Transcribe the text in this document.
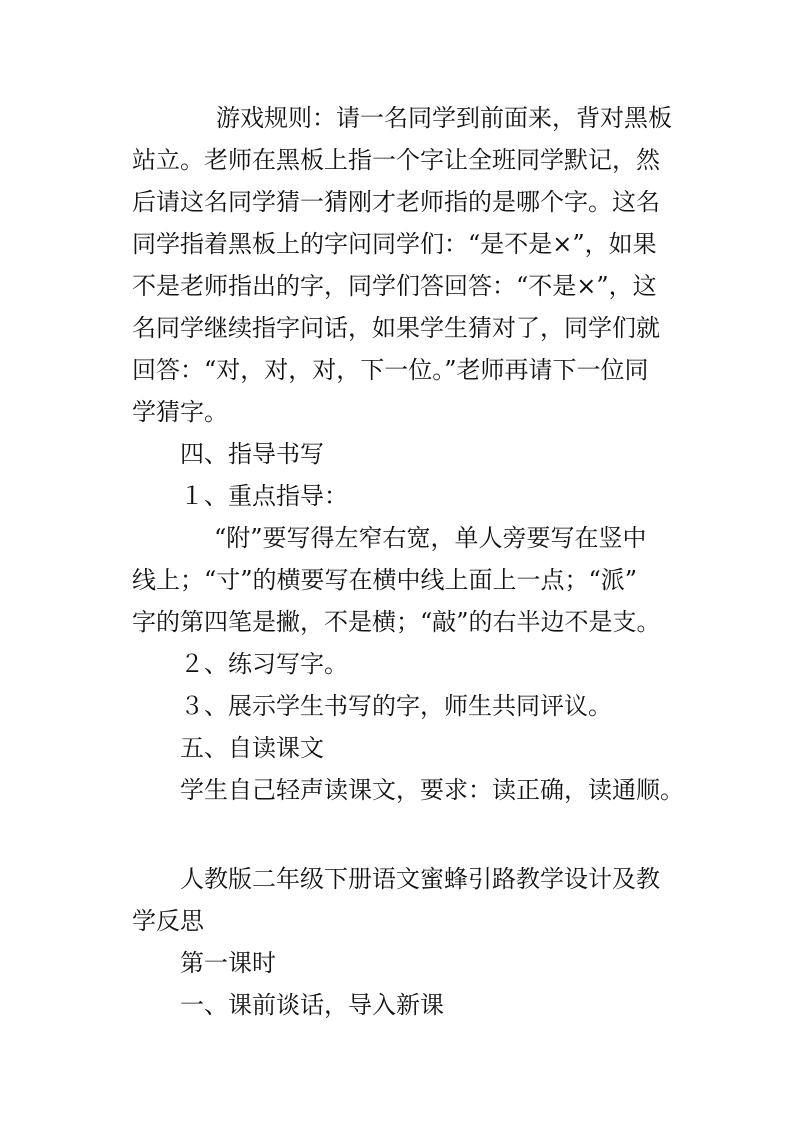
游戏规则：请一名同学到前面来，背对黑板

站立。老师在黑板上指一个字让全班同学默记，然

后请这名同学猜一猜刚才老师指的是哪个字。这名

同学指着黑板上的字问同学们：“是不是×”，如果

不是老师指出的字，同学们答回答：“不是×”，这

名同学继续指字问话，如果学生猜对了，同学们就

回答：“对，对，对，下一位。”老师再请下一位同

学猜字。

四、指导书写

１、重点指导：

“附”要写得左窄右宽，单人旁要写在竖中

线上；“寸”的横要写在横中线上面上一点；“派”

字的第四笔是撇，不是横；“敲”的右半边不是支。

２、练习写字。

３、展示学生书写的字，师生共同评议。

五、自读课文

学生自己轻声读课文，要求：读正确，读通顺。

人教版二年级下册语文蜜蜂引路教学设计及教

学反思

第一课时

一、课前谈话，导入新课
